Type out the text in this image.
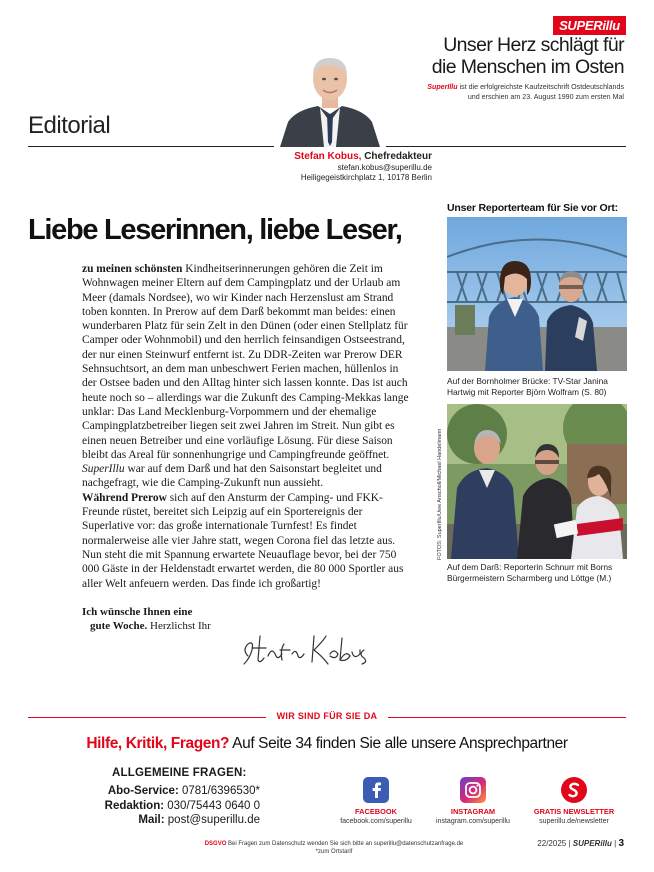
SUPERillu
Unser Herz schlägt für
die Menschen im Osten
SuperIllu ist die erfolgreichste Kaufzeitschrift Ostdeutschlands
und erschien am 23. August 1990 zum ersten Mal
Editorial
Stefan Kobus, Chefredakteur
stefan.kobus@superillu.de
Heiligegeistkirchplatz 1, 10178 Berlin
Liebe Leserinnen, liebe Leser,
zu meinen schönsten Kindheitserinnerungen gehören die Zeit im Wohnwagen meiner Eltern auf dem Campingplatz und der Urlaub am Meer (damals Nordsee), wo wir Kinder nach Herzenslust am Strand toben konnten. In Prerow auf dem Darß bekommt man beides: einen wunderbaren Platz für sein Zelt in den Dünen (oder einen Stellplatz für Camper oder Wohnmobil) und den herrlich feinsandigen Ostseestrand, der nur einen Steinwurf entfernt ist. Zu DDR-Zeiten war Prerow DER Sehnsuchtsort, an dem man unbeschwert Ferien machen, hüllenlos in der Ostsee baden und den Alltag hinter sich lassen konnte. Das ist auch heute noch so – allerdings war die Zukunft des Camping-Mekkas lange unklar: Das Land Mecklenburg-Vorpommern und der ehemalige Campingplatzbetreiber liegen seit zwei Jahren im Streit. Nun gibt es einen neuen Betreiber und eine vorläufige Lösung. Für diese Saison bleibt das Areal für sonnenhungrige und Campingfreunde geöffnet. SuperIllu war auf dem Darß und hat den Saisonstart begleitet und nachgefragt, wie die Camping-Zukunft nun aussieht.
Während Prerow sich auf den Ansturm der Camping- und FKK-Freunde rüstet, bereitet sich Leipzig auf ein Sportereignis der Superlative vor: das große internationale Turnfest! Es findet normalerweise alle vier Jahre statt, wegen Corona fiel das letzte aus. Nun steht die mit Spannung erwartete Neuauflage bevor, bei der 750 000 Gäste in der Heldenstadt erwartet werden, die 80 000 Sportler aus aller Welt anfeuern werden. Das finde ich großartig!
Ich wünsche Ihnen eine
gute Woche. Herzlichst Ihr
Unser Reporterteam für Sie vor Ort:
Auf der Bornholmer Brücke: TV-Star Janina Hartwig mit Reporter Björn Wolfram (S. 80)
Auf dem Darß: Reporterin Schnurr mit Borns Bürgermeistern Scharmberg und Löttge (M.)
FOTOS: SuperIllu/Uwe Anscholl/Michael Handelmann
WIR SIND FÜR SIE DA
Hilfe, Kritik, Fragen? Auf Seite 34 finden Sie alle unsere Ansprechpartner
ALLGEMEINE FRAGEN:
Abo-Service: 0781/6396530*
Redaktion: 030/75443 0640 0
Mail: post@superillu.de
FACEBOOK
facebook.com/superillu
INSTAGRAM
instagram.com/superillu
GRATIS NEWSLETTER
superillu.de/newsletter
DSGVO Bei Fragen zum Datenschutz wenden Sie sich bitte an superillu@datenschutzanfrage.de
*zum Ortstarif
22/2025 | SUPERillu | 3
